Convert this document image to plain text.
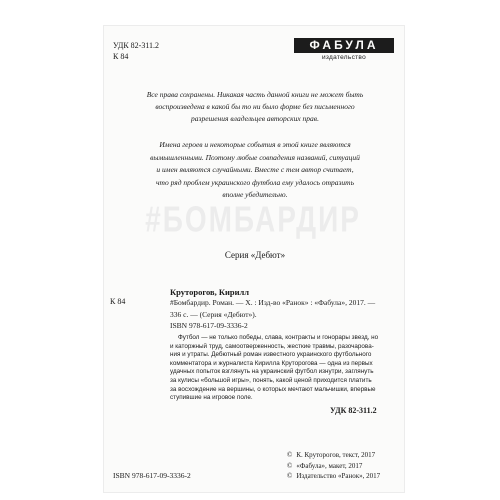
УДК 82-311.2
К 84
ФАБУЛА
издательство
Все права сохранены. Никакая часть данной книги не может быть
воспроизведена в какой бы то ни было форме без письменного
разрешения владельцев авторских прав.
Имена героев и некоторые события в этой книге являются
вымышленными. Поэтому любые совпадения названий, ситуаций
и имен являются случайными. Вместе с тем автор считает,
что ряд проблем украинского футбола ему удалось отразить
вполне убедительно.
#БОМБАРДИР
Серия «Дебют»
К 84
Круторогов, Кирилл
#Бомбардир. Роман. — Х. : Изд-во «Ранок» : «Фабула», 2017. —
336 с. — (Серия «Дебют»).
ISBN 978-617-09-3336-2
Футбол — не только победы, слава, контракты и гонорары звезд, но
и каторжный труд, самоотверженность, жесткие травмы, разочарова-
ния и утраты. Дебютный роман известного украинского футбольного
комментатора и журналиста Кирилла Круторогова — одна из первых
удачных попыток взглянуть на украинский футбол изнутри, заглянуть
за кулисы «большой игры», понять, какой ценой приходится платить
за восхождение на вершины, о которых мечтают мальчишки, впервые
ступившие на игровое поле.
УДК 82-311.2
© К. Круторогов, текст, 2017
© «Фабула», макет, 2017
© Издательство «Ранок», 2017
ISBN 978-617-09-3336-2
